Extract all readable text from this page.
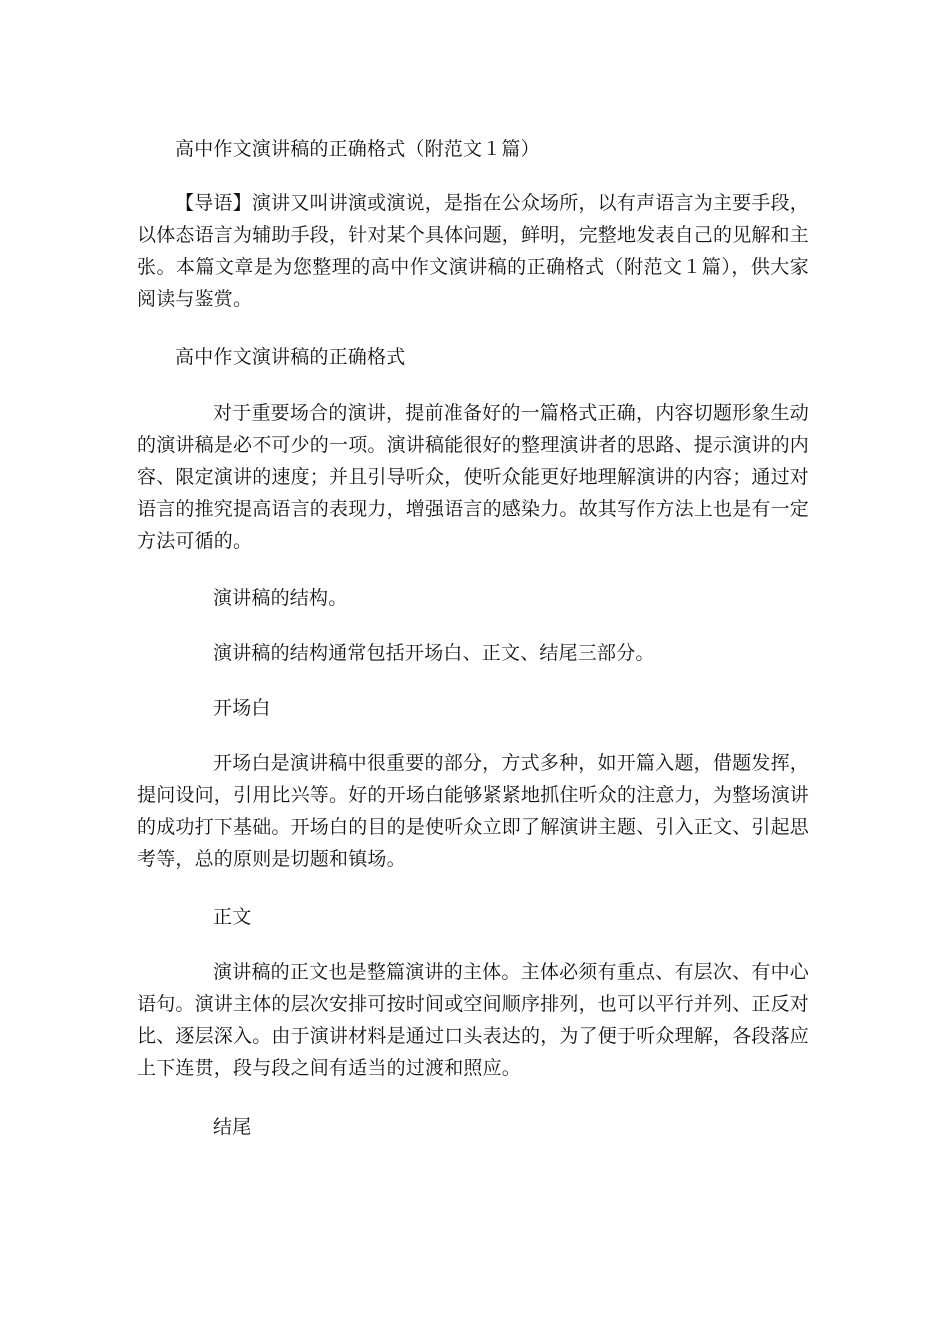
高中作文演讲稿的正确格式（附范文１篇）

【导语】演讲又叫讲演或演说，是指在公众场所，以有声语言为主要手段，以体态语言为辅助手段，针对某个具体问题，鲜明，完整地发表自己的见解和主张。本篇文章是为您整理的高中作文演讲稿的正确格式（附范文１篇），供大家阅读与鉴赏。

高中作文演讲稿的正确格式

对于重要场合的演讲，提前准备好的一篇格式正确，内容切题形象生动的演讲稿是必不可少的一项。演讲稿能很好的整理演讲者的思路、提示演讲的内容、限定演讲的速度；并且引导听众，使听众能更好地理解演讲的内容；通过对语言的推究提高语言的表现力，增强语言的感染力。故其写作方法上也是有一定方法可循的。

演讲稿的结构。

演讲稿的结构通常包括开场白、正文、结尾三部分。

开场白

开场白是演讲稿中很重要的部分，方式多种，如开篇入题，借题发挥，提问设问，引用比兴等。好的开场白能够紧紧地抓住听众的注意力，为整场演讲的成功打下基础。开场白的目的是使听众立即了解演讲主题、引入正文、引起思考等，总的原则是切题和镇场。

正文

演讲稿的正文也是整篇演讲的主体。主体必须有重点、有层次、有中心语句。演讲主体的层次安排可按时间或空间顺序排列，也可以平行并列、正反对比、逐层深入。由于演讲材料是通过口头表达的，为了便于听众理解，各段落应上下连贯，段与段之间有适当的过渡和照应。

结尾
